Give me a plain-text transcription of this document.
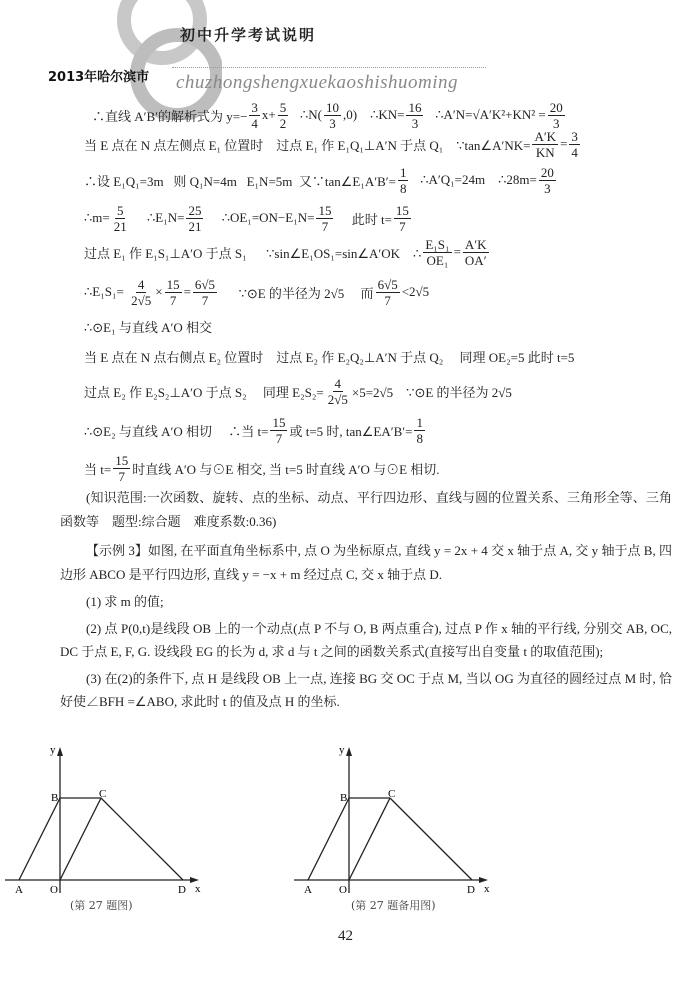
初中升学考试说明
2013年哈尔滨市 chuzhongshengxuekaoshishuoming
∴直线 A′B′的解析式为 $y=- \frac{3}{4} x+ \frac{5}{2}$ ∴N( $\frac{10}{3} ,0$)    ∴KN= $\frac{16}{3}$ ∴A′N=√A′K²+KN² = $\frac{20}{3}$
当 E 点在 N 点左侧点 E₁ 位置时    过点 E₁ 作 E₁Q₁⊥A′N 于点 Q₁    ∵tan∠A′NK= $\frac{A'K}{KN} = \frac{3}{4}$
∴设 E₁Q₁=3m   则 Q₁N=4m   E₁N=5m  又∵tan∠E₁A′B′= $\frac{1}{8}$ ∴A′Q₁=24m    ∴28m= $\frac{20}{3}$
∴m= $\frac{5}{21}$ ∴E₁N= $\frac{25}{21}$ ∴OE₁=ON−E₁N= $\frac{15}{7}$ 此时 $t= \frac{15}{7}$
过点 E₁ 作 E₁S₁⊥A′O 于点 S₁      ∵sin∠E₁OS₁=sin∠A′OK    ∴ $\frac{\text{E₁S₁}}{\text{OE₁}} = \frac{A'K}{OA'}$
∴E₁S₁= $\frac{4}{2√5} \times \frac{15}{7} = \frac{6√5}{7}$ ∵⊙E 的半径为 2√5     而 $\frac{6√5}{7} <2√5$
∴⊙E₁ 与直线 A′O 相交
当 E 点在 N 点右侧点 E₂ 位置时    过点 E₂ 作 E₂Q₂⊥A′N 于点 Q₂     同理 OE₂=5 此时 t=5
过点 E₂ 作 E₂S₂⊥A′O 于点 S₂     同理 $E_2S_2= \frac{4}{2√5} \times 5=2√5$    ∵⊙E 的半径为 2√5
∴⊙E₂ 与直线 A′O 相切     ∴当 $t= \frac{15}{7}$ 或 t=5 时, tan∠EA′B′= $\frac{1}{8}$
当 $t= \frac{15}{7}$ 时直线 A′O 与⊙E 相交, 当 t=5 时直线 A′O 与⊙E 相切.

(知识范围:一次函数、旋转、点的坐标、动点、平行四边形、直线与圆的位置关系、三角形全等、三角函数等　题型:综合题　难度系数:0.36)

【示例 3】如图, 在平面直角坐标系中, 点 O 为坐标原点, 直线 y = 2x + 4 交 x 轴于点 A, 交 y 轴于点 B, 四边形 ABCO 是平行四边形, 直线 y = −x + m 经过点 C, 交 x 轴于点 D.

(1) 求 m 的值;

(2) 点 P(0,t)是线段 OB 上的一个动点(点 P 不与 O, B 两点重合), 过点 P 作 x 轴的平行线, 分别交 AB, OC, DC 于点 E, F, G. 设线段 EG 的长为 d, 求 d 与 t 之间的函数关系式(直接写出自变量 t 的取值范围);

(3) 在(2)的条件下, 点 H 是线段 OB 上一点, 连接 BG 交 OC 于点 M, 当以 OG 为直径的圆经过点 M 时, 恰好使∠BFH =∠ABO, 求此时 t 的值及点 H 的坐标.

y
x
A O	D
B	C
(第 27 题图)
y
x
A O	D
B	C
(第 27 题备用图)
42
